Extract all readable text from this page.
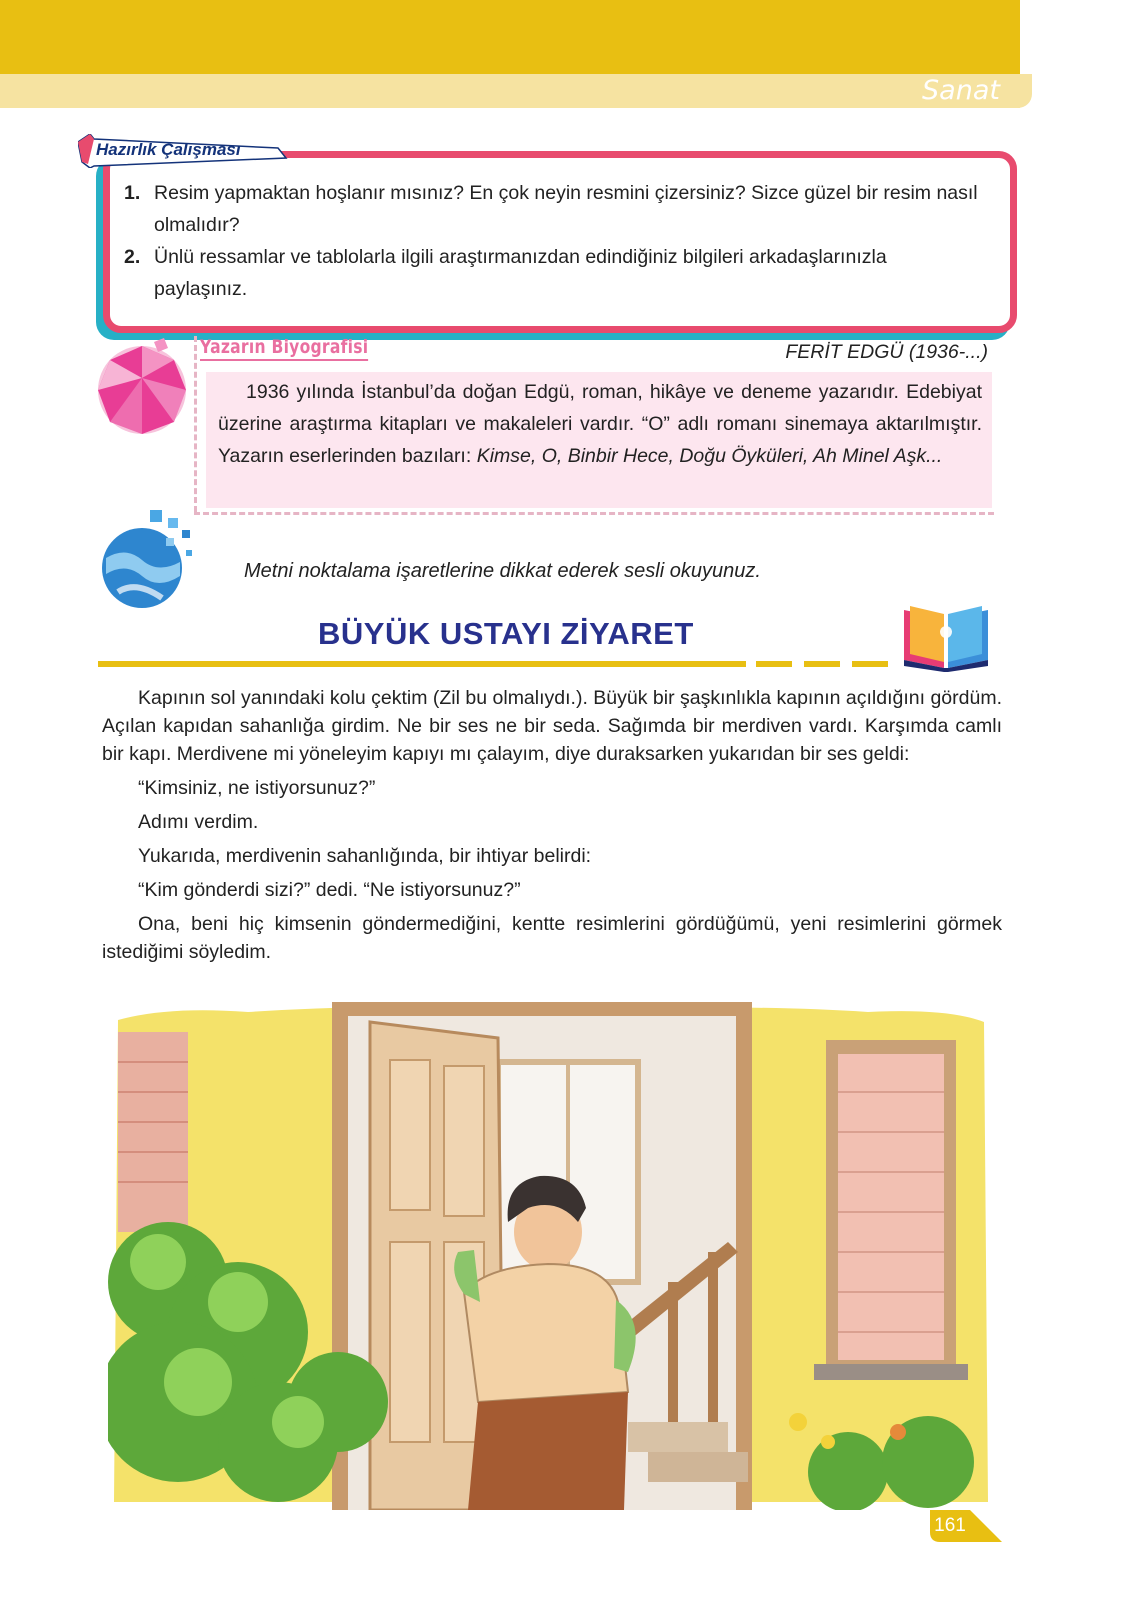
Sanat
Hazırlık Çalışması
1. Resim yapmaktan hoşlanır mısınız? En çok neyin resmini çizersiniz? Sizce güzel bir resim nasıl olmalıdır?
2. Ünlü ressamlar ve tablolarla ilgili araştırmanızdan edindiğiniz bilgileri arkadaşlarınızla paylaşınız.
Yazarın Biyografisi	FERİT EDGÜ (1936-...)
1936 yılında İstanbul’da doğan Edgü, roman, hikâye ve deneme yazarıdır. Edebiyat üzerine araştırma kitapları ve makaleleri vardır. “O” adlı romanı sinemaya aktarılmıştır. Yazarın eserlerinden bazıları: Kimse, O, Binbir Hece, Doğu Öyküleri, Ah Minel Aşk...
Metni noktalama işaretlerine dikkat ederek sesli okuyunuz.
BÜYÜK USTAYI ZİYARET

Kapının sol yanındaki kolu çektim (Zil bu olmalıydı.). Büyük bir şaşkınlıkla kapının açıldığını gördüm. Açılan kapıdan sahanlığa girdim. Ne bir ses ne bir seda. Sağımda bir merdiven vardı. Karşımda camlı bir kapı. Merdivene mi yöneleyim kapıyı mı çalayım, diye duraksarken yukarıdan bir ses geldi:

“Kimsiniz, ne istiyorsunuz?”

Adımı verdim.

Yukarıda, merdivenin sahanlığında, bir ihtiyar belirdi:

“Kim gönderdi sizi?” dedi. “Ne istiyorsunuz?”

Ona, beni hiç kimsenin göndermediğini, kentte resimlerini gördüğümü, yeni resimlerini görmek istediğimi söyledim.

161
